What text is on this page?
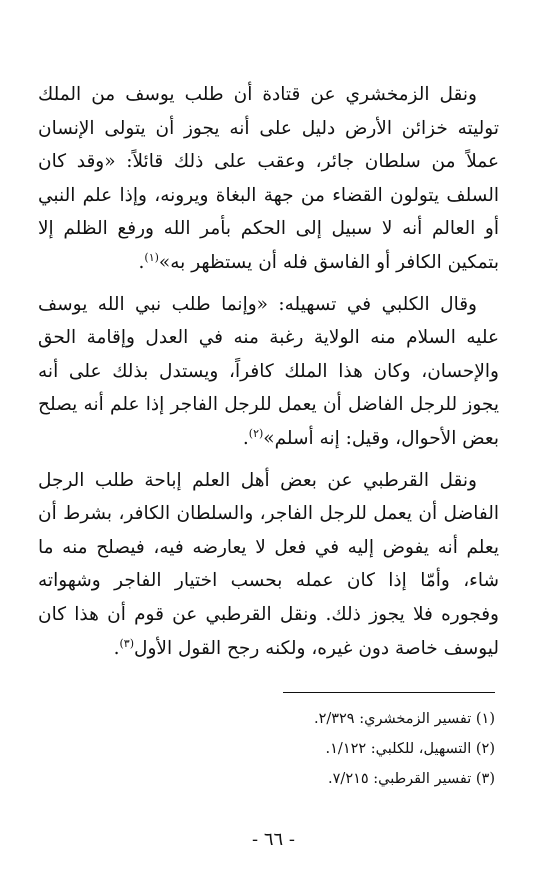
ونقل الزمخشري عن قتادة أن طلب يوسف من الملك توليته خزائن الأرض دليل على أنه يجوز أن يتولى الإنسان عملاً من سلطان جائر، وعقب على ذلك قائلاً: «وقد كان السلف يتولون القضاء من جهة البغاة ويرونه، وإذا علم النبي أو العالم أنه لا سبيل إلى الحكم بأمر الله ورفع الظلم إلا بتمكين الكافر أو الفاسق فله أن يستظهر به»$^{(١)}$.

وقال الكلبي في تسهيله: «وإنما طلب نبي الله يوسف عليه السلام منه الولاية رغبة منه في العدل وإقامة الحق والإحسان، وكان هذا الملك كافراً، ويستدل بذلك على أنه يجوز للرجل الفاضل أن يعمل للرجل الفاجر إذا علم أنه يصلح بعض الأحوال، وقيل: إنه أسلم»$^{(٢)}$.

ونقل القرطبي عن بعض أهل العلم إباحة طلب الرجل الفاضل أن يعمل للرجل الفاجر، والسلطان الكافر، بشرط أن يعلم أنه يفوض إليه في فعل لا يعارضه فيه، فيصلح منه ما شاء، وأمّا إذا كان عمله بحسب اختيار الفاجر وشهواته وفجوره فلا يجوز ذلك. ونقل القرطبي عن قوم أن هذا كان ليوسف خاصة دون غيره، ولكنه رجح القول الأول$^{(٣)}$.

(١) تفسير الزمخشري: ٢/٣٢٩.

(٢) التسهيل، للكلبي: ١/١٢٢.

(٣) تفسير القرطبي: ٧/٢١٥.

- ٦٦ -
